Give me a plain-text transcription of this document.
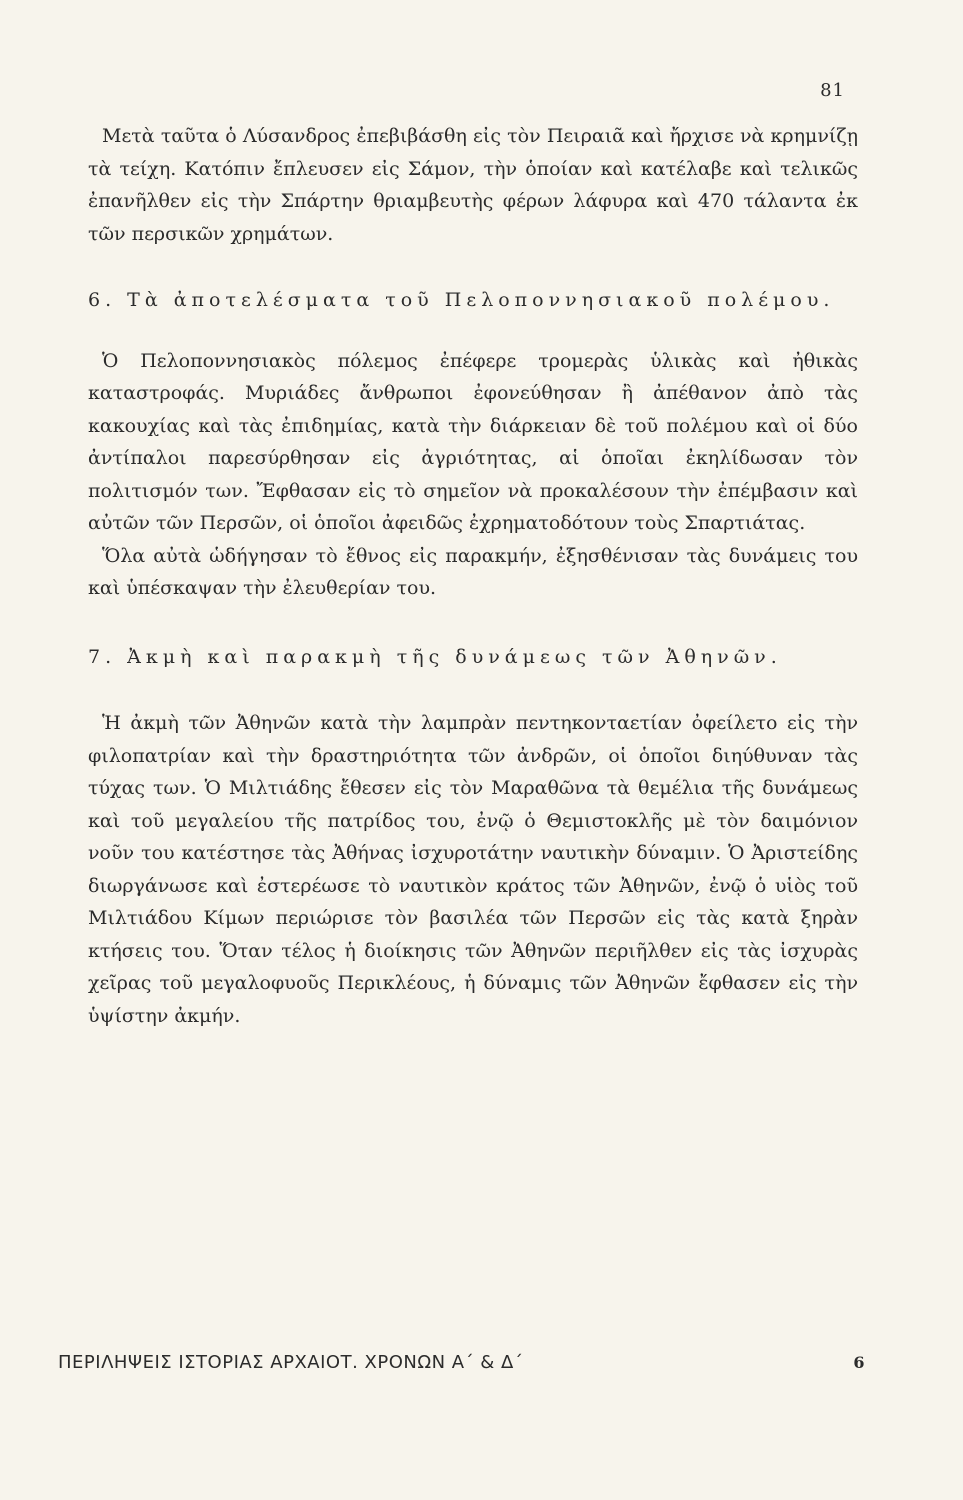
81

Μετὰ ταῦτα ὁ Λύσανδρος ἐπεβιβάσθη εἰς τὸν Πειραιᾶ καὶ ἤρχισε νὰ κρημνίζῃ τὰ τείχη. Κατόπιν ἔπλευσεν εἰς Σάμον, τὴν ὁποίαν καὶ κατέλαβε καὶ τελικῶς ἐπανῆλθεν εἰς τὴν Σπάρτην θριαμβευτὴς φέρων λάφυρα καὶ 470 τάλαντα ἐκ τῶν περσικῶν χρημάτων.

6. Τὰ ἀποτελέσματα τοῦ Πελοποννησιακοῦ πολέμου.

Ὁ Πελοποννησιακὸς πόλεμος ἐπέφερε τρομερὰς ὑλικὰς καὶ ἠθικὰς καταστροφάς. Μυριάδες ἄνθρωποι ἐφονεύθησαν ἢ ἀπέθανον ἀπὸ τὰς κακουχίας καὶ τὰς ἐπιδημίας, κατὰ τὴν διάρκειαν δὲ τοῦ πολέμου καὶ οἱ δύο ἀντίπαλοι παρεσύρθησαν εἰς ἀγριότητας, αἱ ὁποῖαι ἐκηλίδωσαν τὸν πολιτισμόν των. Ἔφθασαν εἰς τὸ σημεῖον νὰ προκαλέσουν τὴν ἐπέμβασιν καὶ αὐτῶν τῶν Περσῶν, οἱ ὁποῖοι ἀφειδῶς ἐχρηματοδότουν τοὺς Σπαρτιάτας.

Ὅλα αὐτὰ ὡδήγησαν τὸ ἔθνος εἰς παρακμήν, ἐξησθένισαν τὰς δυνάμεις του καὶ ὑπέσκαψαν τὴν ἐλευθερίαν του.

7. Ἀκμὴ καὶ παρακμὴ τῆς δυνάμεως τῶν Ἀθηνῶν.

Ἡ ἀκμὴ τῶν Ἀθηνῶν κατὰ τὴν λαμπρὰν πεντηκονταετίαν ὀφείλετο εἰς τὴν φιλοπατρίαν καὶ τὴν δραστηριότητα τῶν ἀνδρῶν, οἱ ὁποῖοι διηύθυναν τὰς τύχας των. Ὁ Μιλτιάδης ἔθεσεν εἰς τὸν Μαραθῶνα τὰ θεμέλια τῆς δυνάμεως καὶ τοῦ μεγαλείου τῆς πατρίδος του, ἐνῷ ὁ Θεμιστοκλῆς μὲ τὸν δαιμόνιον νοῦν του κατέστησε τὰς Ἀθήνας ἰσχυροτάτην ναυτικὴν δύναμιν. Ὁ Ἀριστείδης διωργάνωσε καὶ ἐστερέωσε τὸ ναυτικὸν κράτος τῶν Ἀθηνῶν, ἐνῷ ὁ υἱὸς τοῦ Μιλτιάδου Κίμων περιώρισε τὸν βασιλέα τῶν Περσῶν εἰς τὰς κατὰ ξηρὰν κτήσεις του. Ὅταν τέλος ἡ διοίκησις τῶν Ἀθηνῶν περιῆλθεν εἰς τὰς ἰσχυρὰς χεῖρας τοῦ μεγαλοφυοῦς Περικλέους, ἡ δύναμις τῶν Ἀθηνῶν ἔφθασεν εἰς τὴν ὑψίστην ἀκμήν.

ΠΕΡΙΛΗΨΕΙΣ ΙΣΤΟΡΙΑΣ ΑΡΧΑΙΟΤ. ΧΡΟΝΩΝ Α΄ & Δ΄	6
